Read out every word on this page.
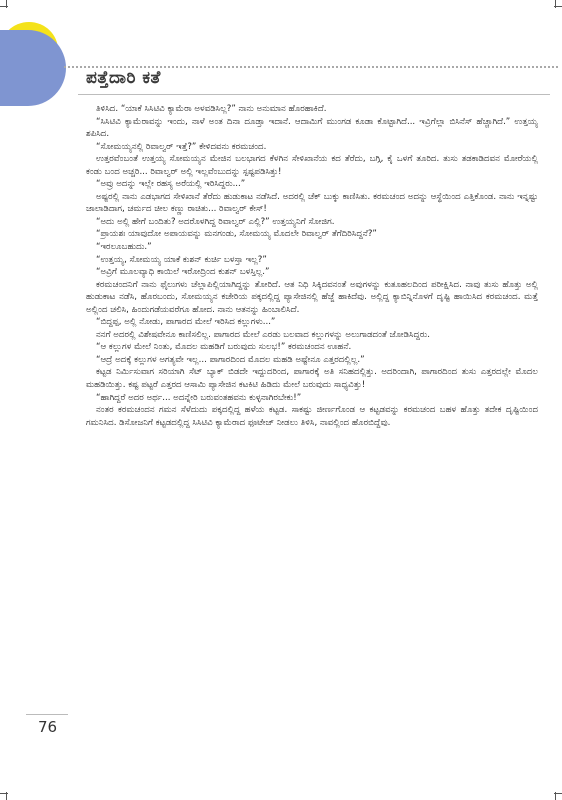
ಪತ್ತೆದಾರಿ ಕತೆ

ತಿಳಿಸಿದ. “ಯಾಕೆ ಸಿಸಿಟಿವಿ ಕ್ಯಾಮೆರಾ ಅಳವಡಿಸಿಲ್ಲ?” ನಾನು ಅನುಮಾನ ಹೊರಹಾಕಿದೆ.

“ಸಿಸಿಟಿವಿ ಕ್ಯಾಮೆರಾವನ್ನು ಇಂದು, ನಾಳೆ ಅಂತ ದಿನಾ ದೂಡ್ತಾ ಇದಾನೆ. ಆದಾಮಿಗೆ ಮುಂಗಡ ಕೂಡಾ ಕೊಟ್ಟಾಗಿದೆ... ಇವ್ರಿಗೆಲ್ಲಾ ಬಿಸಿನೆಸ್ ಹೆಚ್ಚಾಗಿದೆ.” ಉತ್ತಯ್ಯ ಶಪಿಸಿದ.

“ಸೋಮಯ್ಯನಲ್ಲಿ ರಿವಾಲ್ವರ್ ಇತ್ತೆ?” ಕೇಳಿದವನು ಕರಮಚಂದ.

ಉತ್ತರವೆಂಬಂತೆ ಉತ್ತಯ್ಯ ಸೋಮಯ್ಯನ ಮೇಜಿನ ಬಲಭಾಗದ ಕೆಳಗಿನ ಸೇಳಿಖಾನೆಯ ಕದ ತೆರೆದು, ಬಗ್ಗಿ, ಕೈ ಒಳಗೆ ತೂರಿದ. ತುಸು ತಡಕಾಡಿದವನ ಮೋರೆಯಲ್ಲಿ ಕಂಡು ಬಂದ ಅಚ್ಚರಿ... ರಿವಾಲ್ವರ್ ಅಲ್ಲಿ ಇಲ್ಲವೆಂಬುದನ್ನು ಸ್ಪಷ್ಟಪಡಿಸಿತ್ತು!

“ಅವ್ರು ಅದನ್ನು ಇಲ್ಲೇ ರಹಸ್ಯ ಅರೆಯಲ್ಲಿ ಇರಿಸಿದ್ದರು...”

ಅಷ್ಟರಲ್ಲಿ ನಾನು ಎಡಭಾಗದ ಸೇಳಿಖಾನೆ ತೆರೆದು ಹುಡುಕಾಟ ನಡೆಸಿದೆ. ಅದರಲ್ಲಿ ಚೆಕ್ ಬುಕ್ಕು ಕಾಣಿಸಿತು. ಕರಮಚಂದ ಅದನ್ನು ಆಸ್ಥೆಯಿಂದ ಎತ್ತಿಕೊಂಡ. ನಾನು ಇನ್ನಷ್ಟು ಜಾಲಾಡಿದಾಗ, ಚರ್ಮದ ಚೀಲ ಕಣ್ಣು ರಾಚಿತು... ರಿವಾಲ್ವರ್ ಕೇಸ್!

“ಅದು ಅಲ್ಲಿ ಹೇಗೆ ಬಂದಿತು? ಅದರೊಳಗಿದ್ದ ರಿವಾಲ್ವರ್ ಎಲ್ಲಿ?” ಉತ್ತಯ್ಯನಿಗೆ ಸೋಜಿಗ.

“ಪ್ರಾಯಶಃ ಯಾವುದೋ ಅಪಾಯವನ್ನು ಮನಗಂಡು, ಸೋಮಯ್ಯ ಮೊದಲೇ ರಿವಾಲ್ವರ್ ತೆಗೆದಿರಿಸಿದ್ದನೆ?”

“ಇರಲೂಬಹುದು.”

“ಉತ್ತಯ್ಯ, ಸೋಮಯ್ಯ ಯಾಕೆ ಕುಶನ್ ಕುರ್ಚಿ ಬಳಸ್ತಾ ಇಲ್ಲ?”

“ಅವ್ರಿಗೆ ಮೂಲವ್ಯಾಧಿ ಕಾಯಿಲೆ ಇರೋದ್ರಿಂದ ಕುಶನ್ ಬಳಸ್ತಿಲ್ಲ.”

ಕರಮಚಂದನಿಗೆ ನಾನು ಫೈಲುಗಳು ಚೆಲ್ಲಾಪಿಲ್ಲಿಯಾಗಿದ್ದನ್ನು ತೋರಿದೆ. ಆತ ನಿಧಿ ಸಿಕ್ಕಿದವನಂತೆ ಅವುಗಳನ್ನು ಕುತೂಹಲದಿಂದ ಪರೀಕ್ಷಿಸಿದ. ನಾವು ತುಸು ಹೊತ್ತು ಅಲ್ಲಿ ಹುಡುಕಾಟ ನಡೆಸಿ, ಹೊರಬಂದು, ಸೋಮಯ್ಯನ ಕಚೇರಿಯ ಪಕ್ಕದಲ್ಲಿದ್ದ ಪ್ಯಾಸೇಜಿನಲ್ಲಿ ಹೆಜ್ಜೆ ಹಾಕಿದೆವು. ಅಲ್ಲಿದ್ದ ಕ್ಯಾಬಿನ್ನಿನೊಳಗೆ ದೃಷ್ಟಿ ಹಾಯಿಸಿದ ಕರಮಚಂದ. ಮತ್ತೆ ಅಲ್ಲಿಂದ ಚಲಿಸಿ, ಹಿಂದುಗಡೆಯವರೆಗೂ ಹೋದ. ನಾನು ಆತನನ್ನು ಹಿಂಬಾಲಿಸಿದೆ.

“ಬಿದ್ದಪ್ಪ, ಅಲ್ಲಿ ನೋಡು, ಪಾಗಾರದ ಮೇಲೆ ಇರಿಸಿದ ಕಲ್ಲುಗಳು...”

ನನಗೆ ಅದರಲ್ಲಿ ವಿಶೇಷವೇನೂ ಕಾಣಿಸಲಿಲ್ಲ. ಪಾಗಾರದ ಮೇಲೆ ಎರಡು ಬಲವಾದ ಕಲ್ಲುಗಳನ್ನು ಅಲುಗಾಡದಂತೆ ಜೋಡಿಸಿದ್ದರು.

“ಆ ಕಲ್ಲುಗಳ ಮೇಲೆ ನಿಂತು, ಮೊದಲ ಮಹಡಿಗೆ ಬರುವುದು ಸುಲಭ!” ಕರಮಚಂದನ ಊಹನೆ.

“ಆದ್ರೆ ಅದಕ್ಕೆ ಕಲ್ಲುಗಳ ಅಗತ್ಯವೇ ಇಲ್ಲ... ಪಾಗಾರದಿಂದ ಮೊದಲ ಮಹಡಿ ಅಷ್ಟೇನೂ ಎತ್ತರದಲ್ಲಿಲ್ಲ.”

ಕಟ್ಟಡ ನಿರ್ಮಿಸುವಾಗ ಸರಿಯಾಗಿ ಸೆಟ್ ಬ್ಯಾಕ್ ಬಿಡದೇ ಇದ್ದುದರಿಂದ, ಪಾಗಾರಕ್ಕೆ ಅತಿ ಸನಿಹದಲ್ಲಿತ್ತು. ಅದರಿಂದಾಗಿ, ಪಾಗಾರದಿಂದ ತುಸು ಎತ್ತರದಲ್ಲೇ ಮೊದಲ ಮಹಡಿಯಿತ್ತು. ಕಷ್ಟ ಪಟ್ಟರೆ ಎತ್ತರದ ಆಸಾಮಿ ಪ್ಯಾಸೇಜಿನ ಕಟಕಿಟಿ ಹಿಡಿದು ಮೇಲೆ ಬರುವುದು ಸಾಧ್ಯವಿತ್ತು!

“ಹಾಗಿದ್ದರೆ ಅದರ ಅರ್ಥ... ಅದನ್ನೇರಿ ಬರುವಂತಹವನು ಕುಳ್ಳನಾಗಿರಬೇಕು!”

ನಂತರ ಕರಮಚಂದನ ಗಮನ ಸೆಳೆದುದು ಪಕ್ಕದಲ್ಲಿದ್ದ ಹಳೆಯ ಕಟ್ಟಡ. ಸಾಕಷ್ಟು ಜೀರ್ಣಗೊಂಡ ಆ ಕಟ್ಟಡವನ್ನು ಕರಮಚಂದ ಬಹಳ ಹೊತ್ತು ತದೇಕ ದೃಷ್ಟಿಯಿಂದ ಗಮನಿಸಿದ. ಡಿಸೋಜನಿಗೆ ಕಟ್ಟಡದಲ್ಲಿದ್ದ ಸಿಸಿಟಿವಿ ಕ್ಯಾಮೆರಾದ ಫೂಟೇಜ್ ನೀಡಲು ತಿಳಿಸಿ, ನಾವಲ್ಲಿಂದ ಹೊರಬಿದ್ದೆವು.

76
